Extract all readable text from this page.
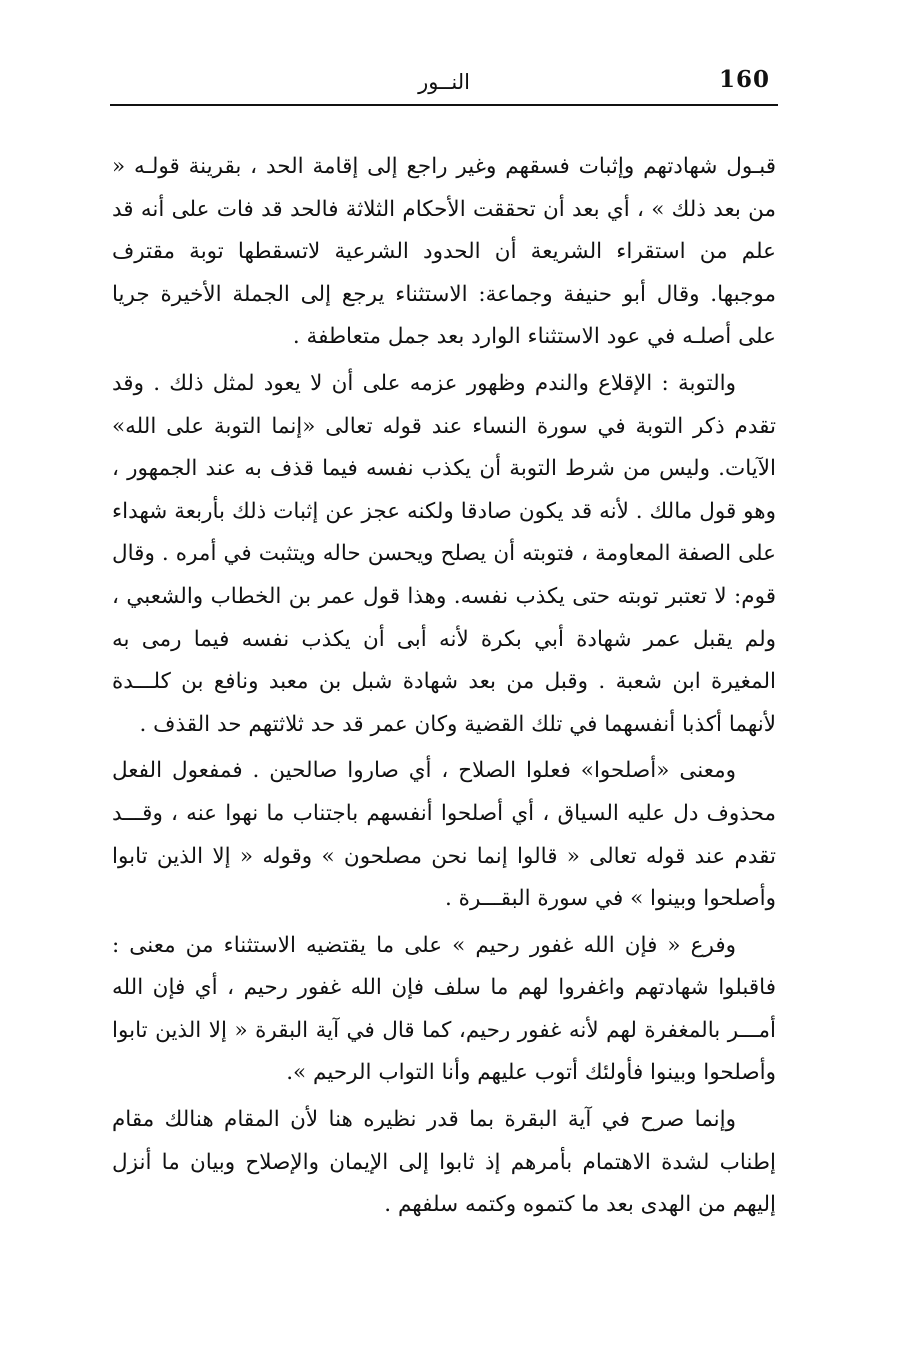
160
النــور

قبـول شهادتهم وإثبات فسقهم وغير راجع إلى إقامة الحد ، بقرينة قولـه « من بعد ذلك » ، أي بعد أن تحققت الأحكام الثلاثة فالحد قد فات على أنه قد علم من استقراء الشريعة أن الحدود الشرعية لاتسقطها توبة مقترف موجبها. وقال أبو حنيفة وجماعة: الاستثناء يرجع إلى الجملة الأخيرة جريا على أصلـه في عود الاستثناء الوارد بعد جمل متعاطفة .

والتوبة : الإقلاع والندم وظهور عزمه على أن لا يعود لمثل ذلك . وقد تقدم ذكر التوبة في سورة النساء عند قوله تعالى «إنما التوبة على الله» الآيات. وليس من شرط التوبة أن يكذب نفسه فيما قذف به عند الجمهور ، وهو قول مالك . لأنه قد يكون صادقا ولكنه عجز عن إثبات ذلك بأربعة شهداء على الصفة المعاومة ، فتوبته أن يصلح ويحسن حاله ويتثبت في أمره . وقال قوم: لا تعتبر توبته حتى يكذب نفسه. وهذا قول عمر بن الخطاب والشعبي ، ولم يقبل عمر شهادة أبي بكرة لأنه أبى أن يكذب نفسه فيما رمى به المغيرة ابن شعبة . وقبل من بعد شهادة شبل بن معبد ونافع بن كلـــدة لأنهما أكذبا أنفسهما في تلك القضية وكان عمر قد حد ثلاثتهم حد القذف .

ومعنى «أصلحوا» فعلوا الصلاح ، أي صاروا صالحين . فمفعول الفعل محذوف دل عليه السياق ، أي أصلحوا أنفسهم باجتناب ما نهوا عنه ، وقـــد تقدم عند قوله تعالى « قالوا إنما نحن مصلحون » وقوله « إلا الذين تابوا وأصلحوا وبينوا » في سورة البقـــرة .

وفرع « فإن الله غفور رحيم » على ما يقتضيه الاستثناء من معنى : فاقبلوا شهادتهم واغفروا لهم ما سلف فإن الله غفور رحيم ، أي فإن الله أمـــر بالمغفرة لهم لأنه غفور رحيم، كما قال في آية البقرة « إلا الذين تابوا وأصلحوا وبينوا فأولئك أتوب عليهم وأنا التواب الرحيم ».

وإنما صرح في آية البقرة بما قدر نظيره هنا لأن المقام هنالك مقام إطناب لشدة الاهتمام بأمرهم إذ ثابوا إلى الإيمان والإصلاح وبيان ما أنزل إليهم من الهدى بعد ما كتموه وكتمه سلفهم .
